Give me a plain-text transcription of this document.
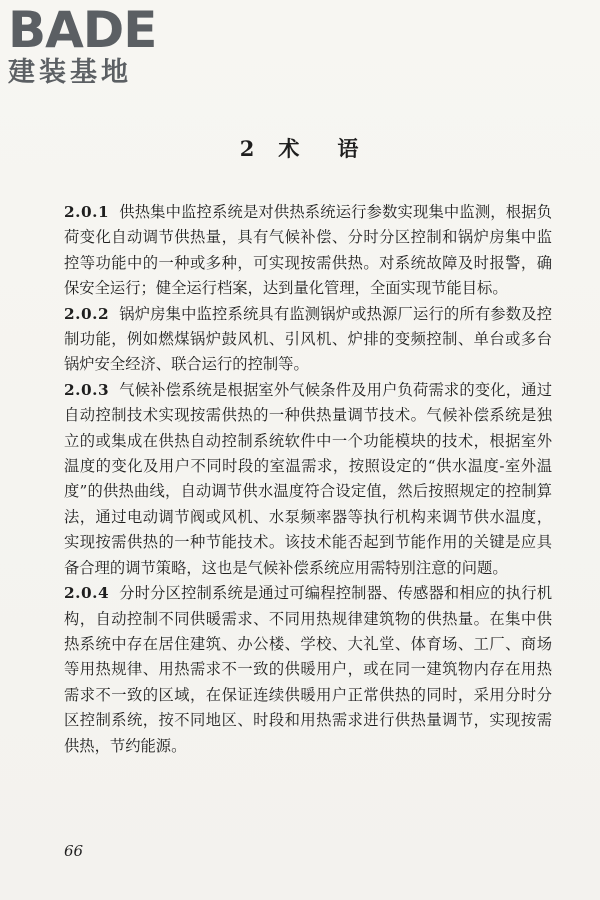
BADE
建装基地
2 术 语

2.0.1 供热集中监控系统是对供热系统运行参数实现集中监测，根据负荷变化自动调节供热量，具有气候补偿、分时分区控制和锅炉房集中监控等功能中的一种或多种，可实现按需供热。对系统故障及时报警，确保安全运行；健全运行档案，达到量化管理，全面实现节能目标。

2.0.2 锅炉房集中监控系统具有监测锅炉或热源厂运行的所有参数及控制功能，例如燃煤锅炉鼓风机、引风机、炉排的变频控制、单台或多台锅炉安全经济、联合运行的控制等。

2.0.3 气候补偿系统是根据室外气候条件及用户负荷需求的变化，通过自动控制技术实现按需供热的一种供热量调节技术。气候补偿系统是独立的或集成在供热自动控制系统软件中一个功能模块的技术，根据室外温度的变化及用户不同时段的室温需求，按照设定的“供水温度-室外温度”的供热曲线，自动调节供水温度符合设定值，然后按照规定的控制算法，通过电动调节阀或风机、水泵频率器等执行机构来调节供水温度，实现按需供热的一种节能技术。该技术能否起到节能作用的关键是应具备合理的调节策略，这也是气候补偿系统应用需特别注意的问题。

2.0.4 分时分区控制系统是通过可编程控制器、传感器和相应的执行机构，自动控制不同供暖需求、不同用热规律建筑物的供热量。在集中供热系统中存在居住建筑、办公楼、学校、大礼堂、体育场、工厂、商场等用热规律、用热需求不一致的供暖用户，或在同一建筑物内存在用热需求不一致的区域，在保证连续供暖用户正常供热的同时，采用分时分区控制系统，按不同地区、时段和用热需求进行供热量调节，实现按需供热，节约能源。

66
